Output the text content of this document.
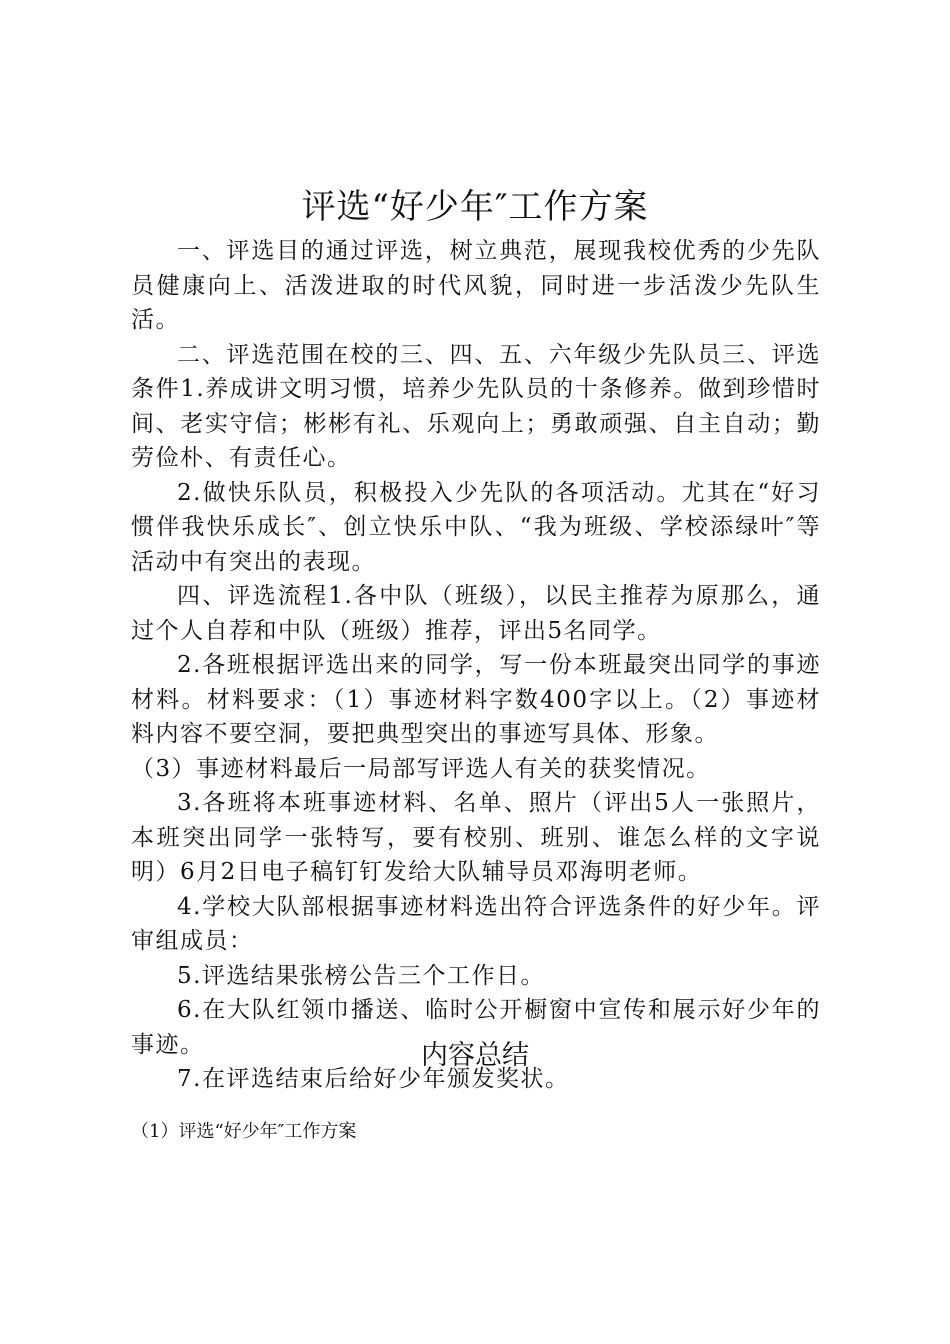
评选“好少年″工作方案

一、评选目的通过评选，树立典范，展现我校优秀的少先队员健康向上、活泼进取的时代风貌，同时进一步活泼少先队生活。

二、评选范围在校的三、四、五、六年级少先队员三、评选条件1.养成讲文明习惯，培养少先队员的十条修养。做到珍惜时间、老实守信；彬彬有礼、乐观向上；勇敢顽强、自主自动；勤劳俭朴、有责任心。

2.做快乐队员，积极投入少先队的各项活动。尤其在“好习惯伴我快乐成长″、创立快乐中队、“我为班级、学校添绿叶″等活动中有突出的表现。

四、评选流程1.各中队（班级），以民主推荐为原那么，通过个人自荐和中队（班级）推荐，评出5名同学。

2.各班根据评选出来的同学，写一份本班最突出同学的事迹材料。材料要求：（1）事迹材料字数400字以上。（2）事迹材料内容不要空洞，要把典型突出的事迹写具体、形象。

（3）事迹材料最后一局部写评选人有关的获奖情况。

3.各班将本班事迹材料、名单、照片（评出5人一张照片，本班突出同学一张特写，要有校别、班别、谁怎么样的文字说明）6月2日电子稿钉钉发给大队辅导员邓海明老师。

4.学校大队部根据事迹材料选出符合评选条件的好少年。评审组成员：

5.评选结果张榜公告三个工作日。

6.在大队红领巾播送、临时公开橱窗中宣传和展示好少年的事迹。

7.在评选结束后给好少年颁发奖状。

内容总结
（1）评选“好少年″工作方案
